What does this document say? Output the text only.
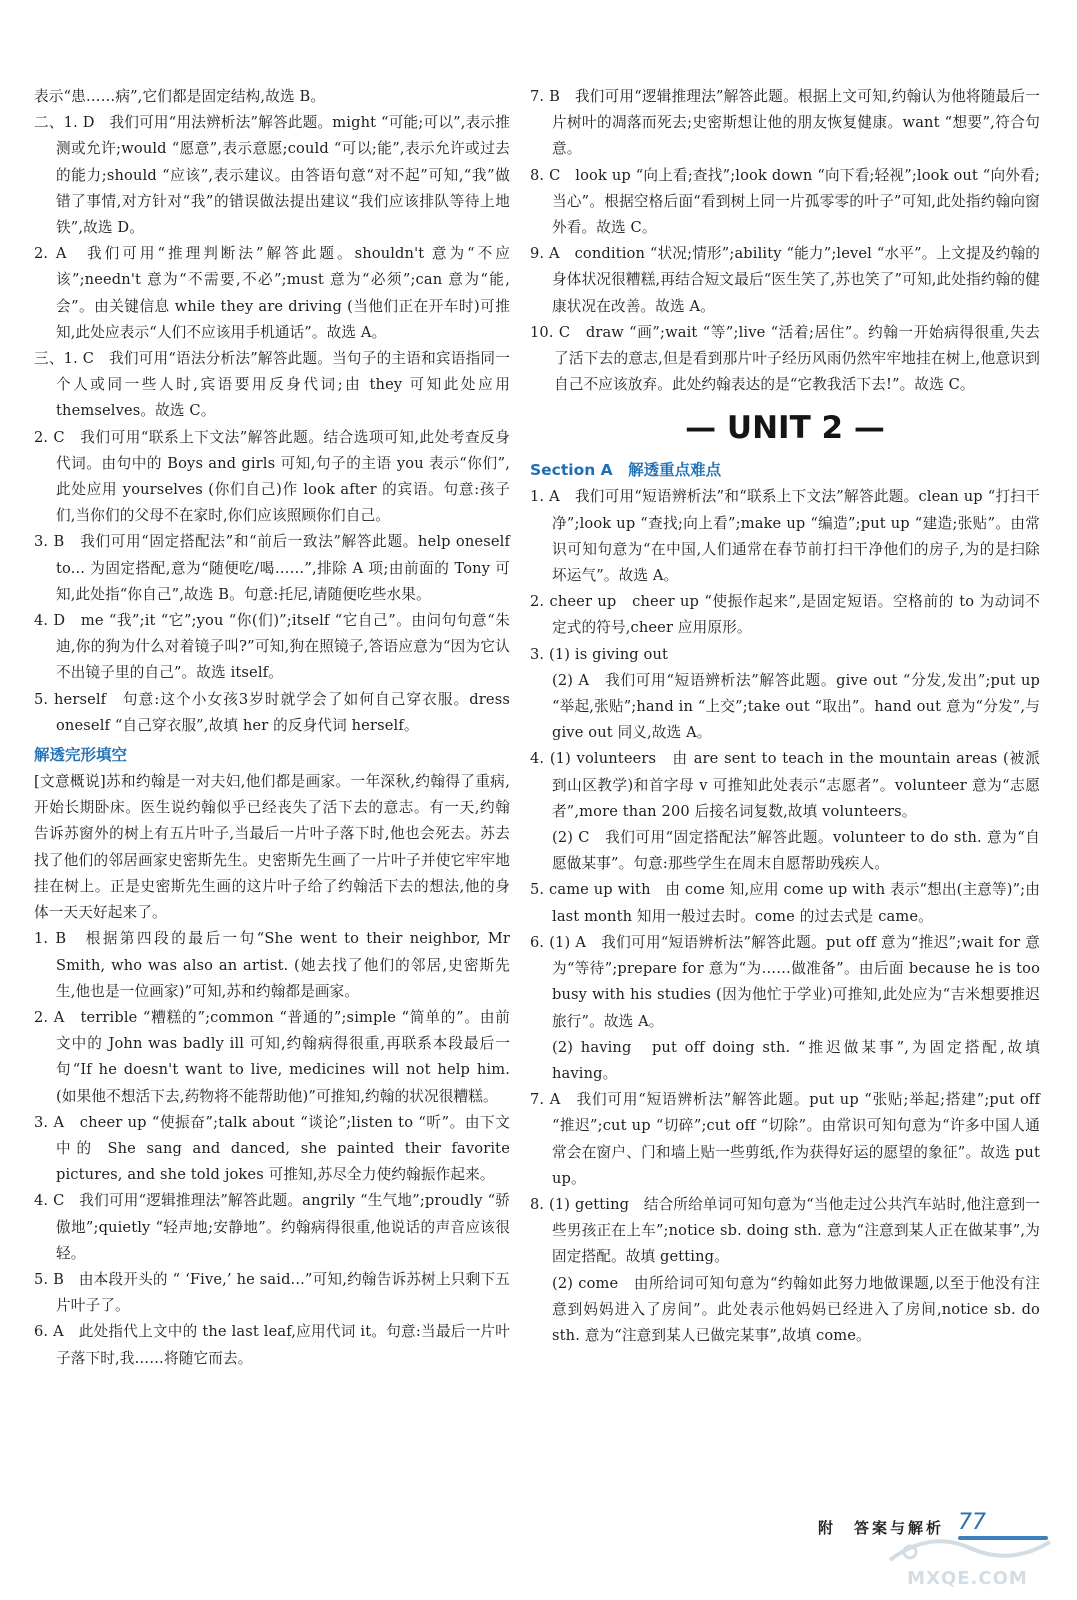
表示“患……病”,它们都是固定结构,故选 B。

二、1. D　我们可用“用法辨析法”解答此题。might “可能;可以”,表示推测或允许;would “愿意”,表示意愿;could “可以;能”,表示允许或过去的能力;should “应该”,表示建议。由答语句意“对不起”可知,“我”做错了事情,对方针对“我”的错误做法提出建议“我们应该排队等待上地铁”,故选 D。

2. A　我们可用“推理判断法”解答此题。shouldn't 意为“不应该”;needn't 意为“不需要,不必”;must 意为“必须”;can 意为“能,会”。由关键信息 while they are driving (当他们正在开车时)可推知,此处应表示“人们不应该用手机通话”。故选 A。

三、1. C　我们可用“语法分析法”解答此题。当句子的主语和宾语指同一个人或同一些人时,宾语要用反身代词;由 they 可知此处应用 themselves。故选 C。

2. C　我们可用“联系上下文法”解答此题。结合选项可知,此处考查反身代词。由句中的 Boys and girls 可知,句子的主语 you 表示“你们”,此处应用 yourselves (你们自己)作 look after 的宾语。句意:孩子们,当你们的父母不在家时,你们应该照顾你们自己。

3. B　我们可用“固定搭配法”和“前后一致法”解答此题。help oneself to... 为固定搭配,意为“随便吃/喝……”,排除 A 项;由前面的 Tony 可知,此处指“你自己”,故选 B。句意:托尼,请随便吃些水果。

4. D　me “我”;it “它”;you “你(们)”;itself “它自己”。由问句句意“朱迪,你的狗为什么对着镜子叫?”可知,狗在照镜子,答语应意为“因为它认不出镜子里的自己”。故选 itself。

5. herself　句意:这个小女孩3岁时就学会了如何自己穿衣服。dress oneself “自己穿衣服”,故填 her 的反身代词 herself。

解透完形填空

[文意概说]苏和约翰是一对夫妇,他们都是画家。一年深秋,约翰得了重病,开始长期卧床。医生说约翰似乎已经丧失了活下去的意志。有一天,约翰告诉苏窗外的树上有五片叶子,当最后一片叶子落下时,他也会死去。苏去找了他们的邻居画家史密斯先生。史密斯先生画了一片叶子并使它牢牢地挂在树上。正是史密斯先生画的这片叶子给了约翰活下去的想法,他的身体一天天好起来了。

1. B　根据第四段的最后一句“She went to their neighbor, Mr Smith, who was also an artist. (她去找了他们的邻居,史密斯先生,他也是一位画家)”可知,苏和约翰都是画家。

2. A　terrible “糟糕的”;common “普通的”;simple “简单的”。由前文中的 John was badly ill 可知,约翰病得很重,再联系本段最后一句“If he doesn't want to live, medicines will not help him. (如果他不想活下去,药物将不能帮助他)”可推知,约翰的状况很糟糕。

3. A　cheer up “使振奋”;talk about “谈论”;listen to “听”。由下文中的 She sang and danced, she painted their favorite pictures, and she told jokes 可推知,苏尽全力使约翰振作起来。

4. C　我们可用“逻辑推理法”解答此题。angrily “生气地”;proudly “骄傲地”;quietly “轻声地;安静地”。约翰病得很重,他说话的声音应该很轻。

5. B　由本段开头的 “ ‘Five,’ he said...”可知,约翰告诉苏树上只剩下五片叶子了。

6. A　此处指代上文中的 the last leaf,应用代词 it。句意:当最后一片叶子落下时,我……将随它而去。

7. B　我们可用“逻辑推理法”解答此题。根据上文可知,约翰认为他将随最后一片树叶的凋落而死去;史密斯想让他的朋友恢复健康。want “想要”,符合句意。

8. C　look up “向上看;查找”;look down “向下看;轻视”;look out “向外看;当心”。根据空格后面“看到树上同一片孤零零的叶子”可知,此处指约翰向窗外看。故选 C。

9. A　condition “状况;情形”;ability “能力”;level “水平”。上文提及约翰的身体状况很糟糕,再结合短文最后“医生笑了,苏也笑了”可知,此处指约翰的健康状况在改善。故选 A。

10. C　draw “画”;wait “等”;live “活着;居住”。约翰一开始病得很重,失去了活下去的意志,但是看到那片叶子经历风雨仍然牢牢地挂在树上,他意识到自己不应该放弃。此处约翰表达的是“它教我活下去!”。故选 C。

— UNIT 2 —

Section A　解透重点难点

1. A　我们可用“短语辨析法”和“联系上下文法”解答此题。clean up “打扫干净”;look up “查找;向上看”;make up “编造”;put up “建造;张贴”。由常识可知句意为“在中国,人们通常在春节前打扫干净他们的房子,为的是扫除坏运气”。故选 A。

2. cheer up　cheer up “使振作起来”,是固定短语。空格前的 to 为动词不定式的符号,cheer 应用原形。

3. (1) is giving out

(2) A　我们可用“短语辨析法”解答此题。give out “分发,发出”;put up “举起,张贴”;hand in “上交”;take out “取出”。hand out 意为“分发”,与 give out 同义,故选 A。

4. (1) volunteers　由 are sent to teach in the mountain areas (被派到山区教学)和首字母 v 可推知此处表示“志愿者”。volunteer 意为“志愿者”,more than 200 后接名词复数,故填 volunteers。

(2) C　我们可用“固定搭配法”解答此题。volunteer to do sth. 意为“自愿做某事”。句意:那些学生在周末自愿帮助残疾人。

5. came up with　由 come 知,应用 come up with 表示“想出(主意等)”;由 last month 知用一般过去时。come 的过去式是 came。

6. (1) A　我们可用“短语辨析法”解答此题。put off 意为“推迟”;wait for 意为“等待”;prepare for 意为“为……做准备”。由后面 because he is too busy with his studies (因为他忙于学业)可推知,此处应为“吉米想要推迟旅行”。故选 A。

(2) having　put off doing sth. “推迟做某事”,为固定搭配,故填 having。

7. A　我们可用“短语辨析法”解答此题。put up “张贴;举起;搭建”;put off “推迟”;cut up “切碎”;cut off “切除”。由常识可知句意为“许多中国人通常会在窗户、门和墙上贴一些剪纸,作为获得好运的愿望的象征”。故选 put up。

8. (1) getting　结合所给单词可知句意为“当他走过公共汽车站时,他注意到一些男孩正在上车”;notice sb. doing sth. 意为“注意到某人正在做某事”,为固定搭配。故填 getting。

(2) come　由所给词可知句意为“约翰如此努力地做课题,以至于他没有注意到妈妈进入了房间”。此处表示他妈妈已经进入了房间,notice sb. do sth. 意为“注意到某人已做完某事”,故填 come。

附　答案与解析 77
MXQE.COM
